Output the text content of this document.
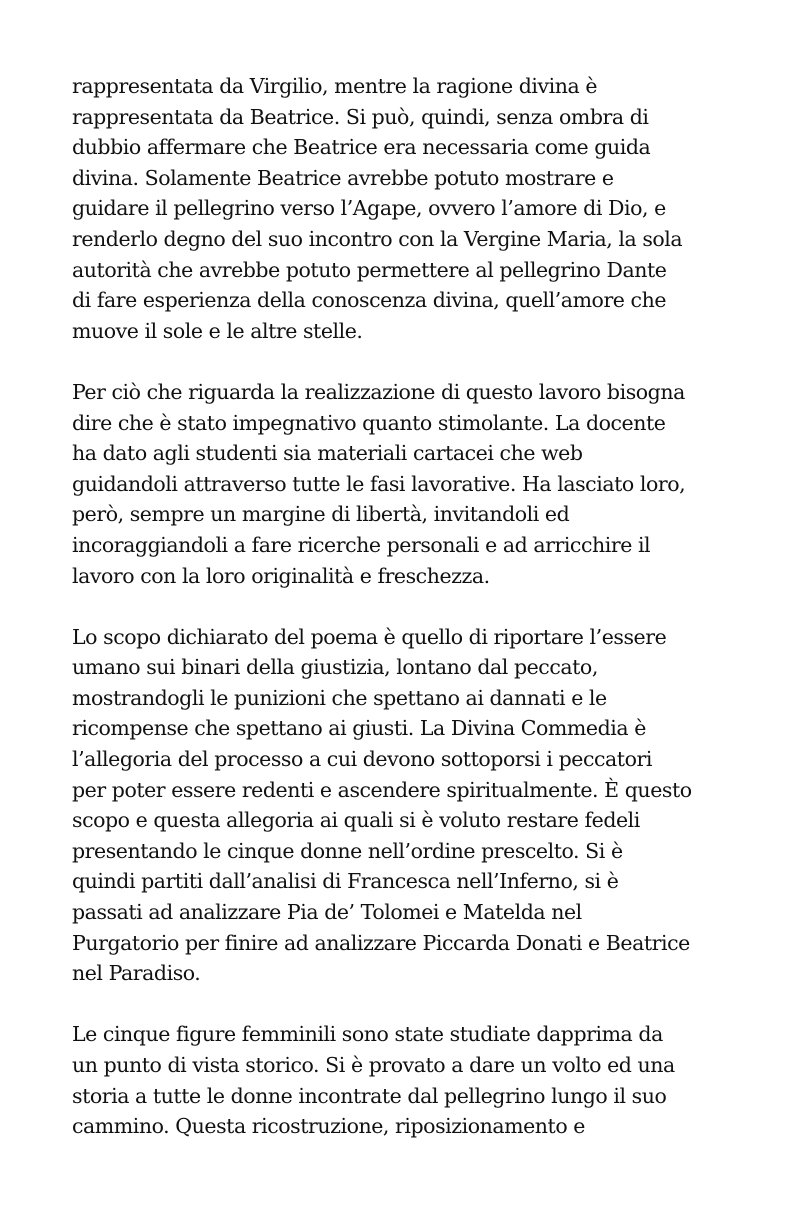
rappresentata da Virgilio, mentre la ragione divina è
rappresentata da Beatrice. Si può, quindi, senza ombra di
dubbio affermare che Beatrice era necessaria come guida
divina. Solamente Beatrice avrebbe potuto mostrare e
guidare il pellegrino verso l’Agape, ovvero l’amore di Dio, e
renderlo degno del suo incontro con la Vergine Maria, la sola
autorità che avrebbe potuto permettere al pellegrino Dante
di fare esperienza della conoscenza divina, quell’amore che
muove il sole e le altre stelle.
Per ciò che riguarda la realizzazione di questo lavoro bisogna
dire che è stato impegnativo quanto stimolante. La docente
ha dato agli studenti sia materiali cartacei che web
guidandoli attraverso tutte le fasi lavorative. Ha lasciato loro,
però, sempre un margine di libertà, invitandoli ed
incoraggiandoli a fare ricerche personali e ad arricchire il
lavoro con la loro originalità e freschezza.
Lo scopo dichiarato del poema è quello di riportare l’essere
umano sui binari della giustizia, lontano dal peccato,
mostrandogli le punizioni che spettano ai dannati e le
ricompense che spettano ai giusti. La Divina Commedia è
l’allegoria del processo a cui devono sottoporsi i peccatori
per poter essere redenti e ascendere spiritualmente. È questo
scopo e questa allegoria ai quali si è voluto restare fedeli
presentando le cinque donne nell’ordine prescelto. Si è
quindi partiti dall’analisi di Francesca nell’Inferno, si è
passati ad analizzare Pia de’ Tolomei e Matelda nel
Purgatorio per finire ad analizzare Piccarda Donati e Beatrice
nel Paradiso.
Le cinque figure femminili sono state studiate dapprima da
un punto di vista storico. Si è provato a dare un volto ed una
storia a tutte le donne incontrate dal pellegrino lungo il suo
cammino. Questa ricostruzione, riposizionamento e
